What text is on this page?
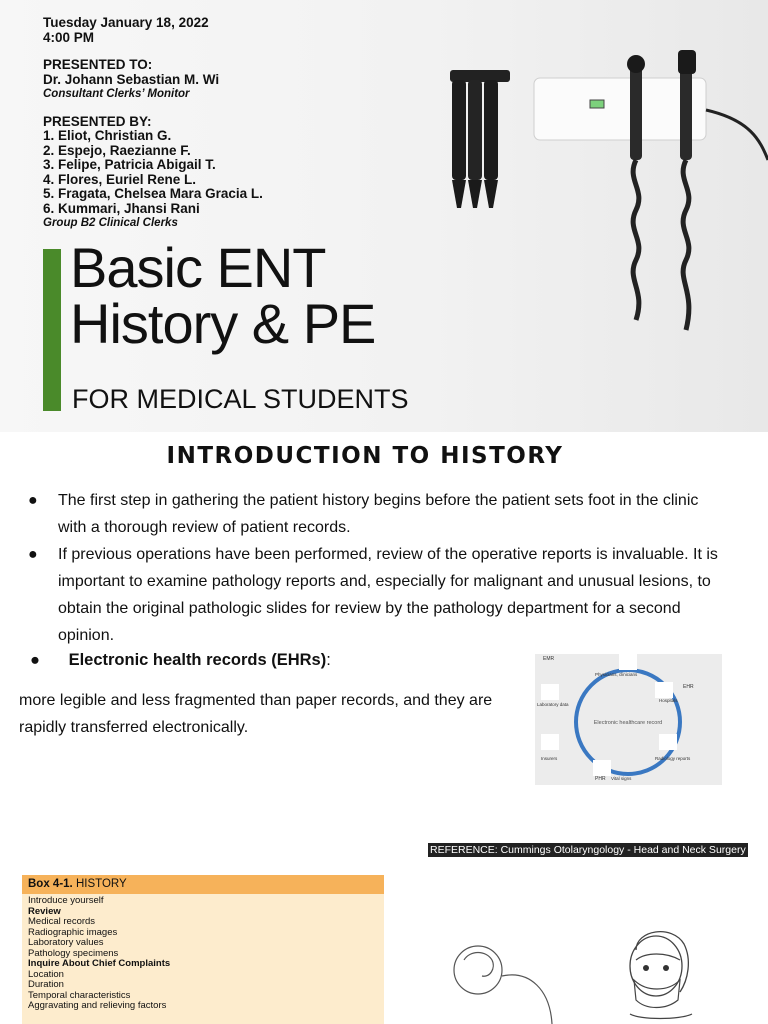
Tuesday January 18, 2022
4:00 PM
PRESENTED TO:
Dr. Johann Sebastian M. Wi
Consultant Clerks’ Monitor
PRESENTED BY:
1. Eliot, Christian G.
2. Espejo, Raezianne F.
3. Felipe, Patricia Abigail T.
4. Flores, Euriel Rene L.
5. Fragata, Chelsea Mara Gracia L.
6. Kummari, Jhansi Rani
Group B2 Clinical Clerks
Basic ENT
History & PE
FOR MEDICAL STUDENTS
INTRODUCTION TO HISTORY
● The first step in gathering the patient history begins before the patient sets foot in the clinic with a thorough review of patient records.
● If previous operations have been performed, review of the operative reports is invaluable. It is important to examine pathology reports and, especially for malignant and unusual lesions, to obtain the original pathologic slides for review by the pathology department for a second opinion.
● Electronic health records (EHRs):
more legible and less fragmented than paper records, and they are rapidly transferred electronically.
EMR
Physicians, clinicians
EHR
Hospitals
Radiology reports
PHR Vital signs
Insurers
Laboratory data
Electronic healthcare record
REFERENCE: Cummings Otolaryngology - Head and Neck Surgery
Box 4-1. HISTORY
Introduce yourself
Review
Medical records
Radiographic images
Laboratory values
Pathology specimens
Inquire About Chief Complaints
Location
Duration
Temporal characteristics
Aggravating and relieving factors
